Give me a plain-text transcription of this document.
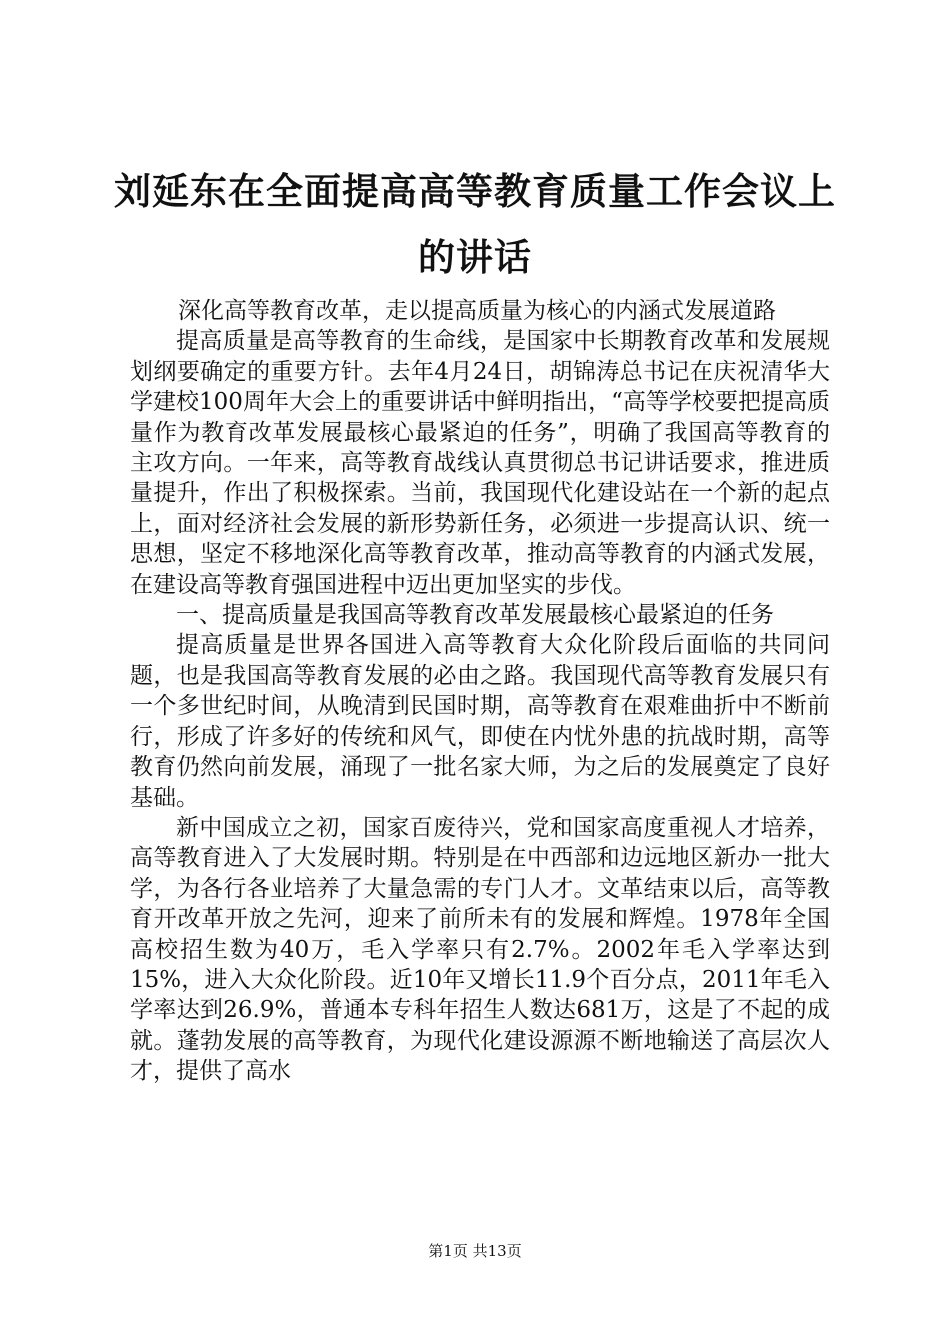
刘延东在全面提高高等教育质量工作会议上的讲话

深化高等教育改革，走以提高质量为核心的内涵式发展道路

提高质量是高等教育的生命线，是国家中长期教育改革和发展规划纲要确定的重要方针。去年4月24日，胡锦涛总书记在庆祝清华大学建校100周年大会上的重要讲话中鲜明指出，“高等学校要把提高质量作为教育改革发展最核心最紧迫的任务”，明确了我国高等教育的主攻方向。一年来，高等教育战线认真贯彻总书记讲话要求，推进质量提升，作出了积极探索。当前，我国现代化建设站在一个新的起点上，面对经济社会发展的新形势新任务，必须进一步提高认识、统一思想，坚定不移地深化高等教育改革，推动高等教育的内涵式发展，在建设高等教育强国进程中迈出更加坚实的步伐。

一、提高质量是我国高等教育改革发展最核心最紧迫的任务

提高质量是世界各国进入高等教育大众化阶段后面临的共同问题，也是我国高等教育发展的必由之路。我国现代高等教育发展只有一个多世纪时间，从晚清到民国时期，高等教育在艰难曲折中不断前行，形成了许多好的传统和风气，即使在内忧外患的抗战时期，高等教育仍然向前发展，涌现了一批名家大师，为之后的发展奠定了良好基础。

新中国成立之初，国家百废待兴，党和国家高度重视人才培养，高等教育进入了大发展时期。特别是在中西部和边远地区新办一批大学，为各行各业培养了大量急需的专门人才。文革结束以后，高等教育开改革开放之先河，迎来了前所未有的发展和辉煌。1978年全国高校招生数为40万，毛入学率只有2.7%。2002年毛入学率达到15%，进入大众化阶段。近10年又增长11.9个百分点，2011年毛入学率达到26.9%，普通本专科年招生人数达681万，这是了不起的成就。蓬勃发展的高等教育，为现代化建设源源不断地输送了高层次人才，提供了高水

第1页 共13页
